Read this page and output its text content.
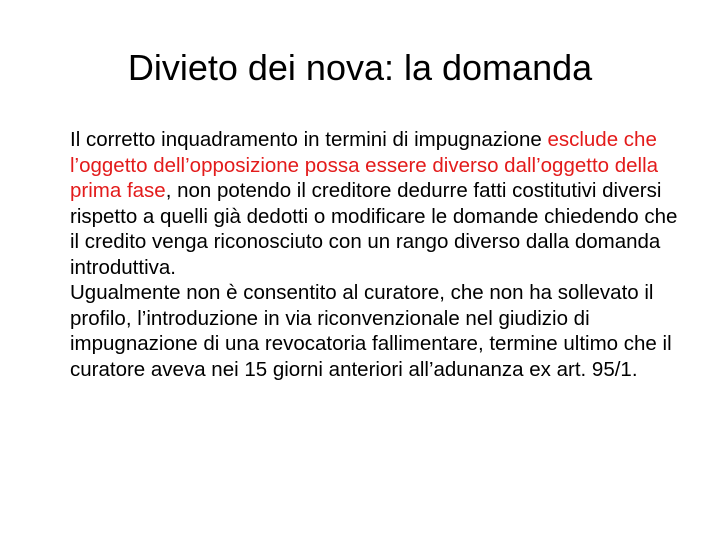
Divieto dei nova: la domanda

Il corretto inquadramento in termini di impugnazione esclude che l’oggetto dell’opposizione possa essere diverso dall’oggetto della prima fase, non potendo il creditore dedurre fatti costitutivi diversi rispetto a quelli già dedotti o modificare le domande chiedendo che il credito venga riconosciuto con un rango diverso dalla domanda introduttiva.

Ugualmente non è consentito al curatore, che non ha sollevato il profilo, l’introduzione in via riconvenzionale nel giudizio di impugnazione di una revocatoria fallimentare, termine ultimo che il curatore aveva nei 15 giorni anteriori all’adunanza ex art. 95/1.
